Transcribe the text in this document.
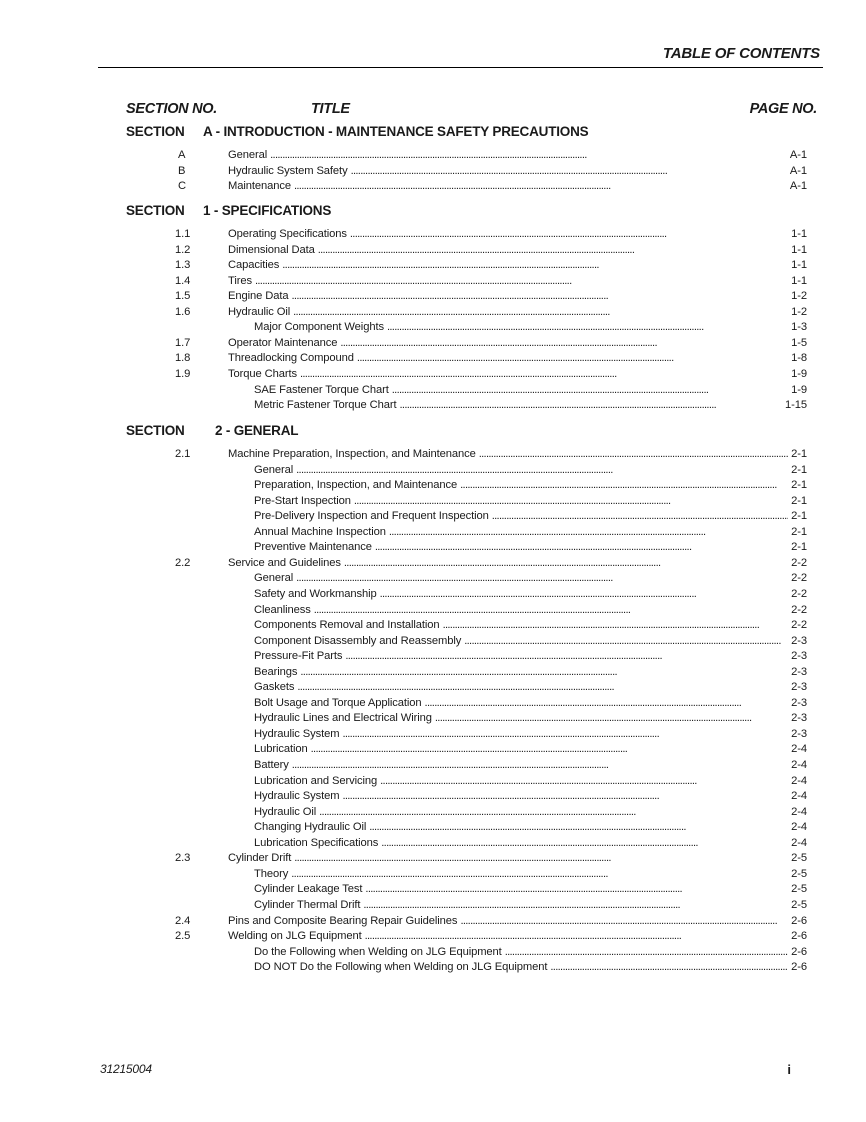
TABLE OF CONTENTS
SECTION NO.	TITLE	PAGE NO.
SECTION A - INTRODUCTION - MAINTENANCE SAFETY PRECAUTIONS
A	General . . .	A-1
B	Hydraulic System Safety . . .	A-1
C	Maintenance . . .	A-1
SECTION 1 - SPECIFICATIONS
1.1	Operating Specifications . . .	1-1
1.2	Dimensional Data . . .	1-1
1.3	Capacities . . .	1-1
1.4	Tires . . .	1-1
1.5	Engine Data . . .	1-2
1.6	Hydraulic Oil . . .	1-2
Major Component Weights . . .	1-3
1.7	Operator Maintenance . . .	1-5
1.8	Threadlocking Compound . . .	1-8
1.9	Torque Charts . . .	1-9
SAE Fastener Torque Chart . . .	1-9
Metric Fastener Torque Chart . . .	1-15
SECTION 2 - GENERAL
2.1	Machine Preparation, Inspection, and Maintenance . . .	2-1
General . . .	2-1
Preparation, Inspection, and Maintenance . . .	2-1
Pre-Start Inspection . . .	2-1
Pre-Delivery Inspection and Frequent Inspection . . .	2-1
Annual Machine Inspection . . .	2-1
Preventive Maintenance . . .	2-1
2.2	Service and Guidelines . . .	2-2
General . . .	2-2
Safety and Workmanship . . .	2-2
Cleanliness . . .	2-2
Components Removal and Installation . . .	2-2
Component Disassembly and Reassembly . . .	2-3
Pressure-Fit Parts . . .	2-3
Bearings . . .	2-3
Gaskets . . .	2-3
Bolt Usage and Torque Application . . .	2-3
Hydraulic Lines and Electrical Wiring . . .	2-3
Hydraulic System . . .	2-3
Lubrication . . .	2-4
Battery . . .	2-4
Lubrication and Servicing . . .	2-4
Hydraulic System . . .	2-4
Hydraulic Oil . . .	2-4
Changing Hydraulic Oil . . .	2-4
Lubrication Specifications . . .	2-4
2.3	Cylinder Drift . . .	2-5
Theory . . .	2-5
Cylinder Leakage Test . . .	2-5
Cylinder Thermal Drift . . .	2-5
2.4	Pins and Composite Bearing Repair Guidelines . . .	2-6
2.5	Welding on JLG Equipment . . .	2-6
Do the Following when Welding on JLG Equipment . . .	2-6
DO NOT Do the Following when Welding on JLG Equipment . . .	2-6
31215004	i
